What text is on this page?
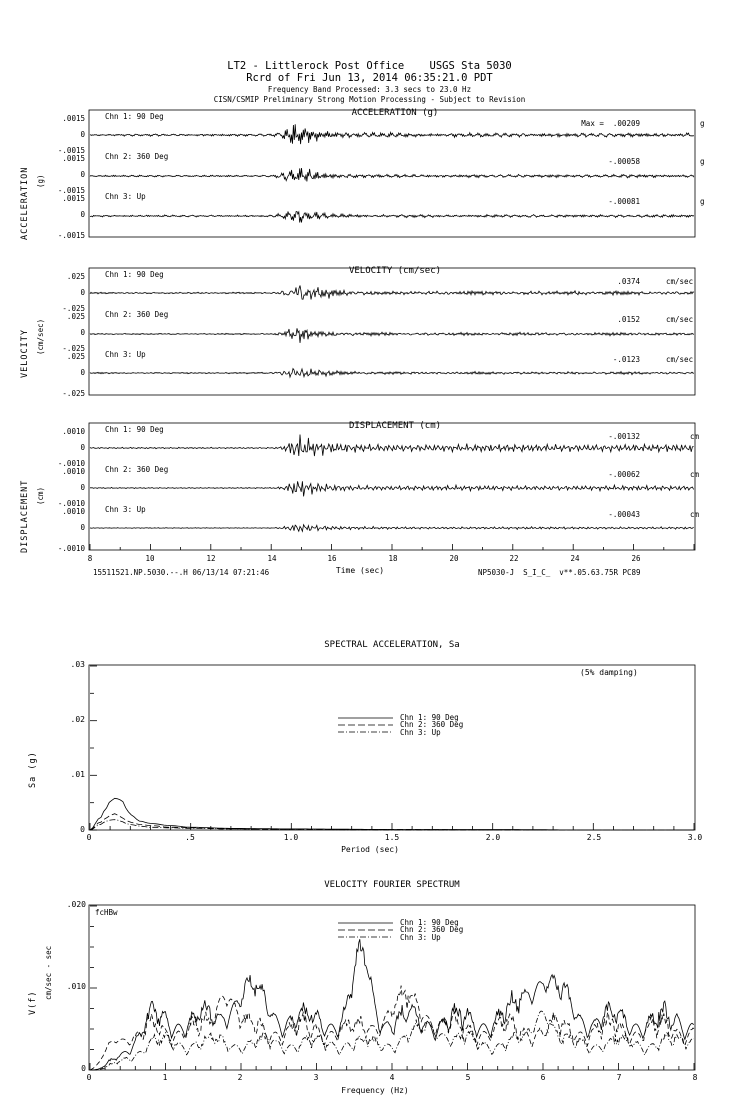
LT2 - Littlerock Post Office    USGS Sta 5030
Rcrd of Fri Jun 13, 2014 06:35:21.0 PDT
Frequency Band Processed: 3.3 secs to 23.0 Hz
CISN/CSMIP Preliminary Strong Motion Processing - Subject to Revision
ACCELERATION (g)
ACCELERATION (g)
.0015
0
-.0015
.0015
0
-.0015
.0015
0
-.0015
Chn 1: 90 Deg
Chn 2: 360 Deg
Chn 3: Up
Max =  .00209	g
-.00058	g
-.00081	g
VELOCITY (cm/sec)
VELOCITY (cm/sec)
.025
0
-.025
.025
0
-.025
.025
0
-.025
Chn 1: 90 Deg
Chn 2: 360 Deg
Chn 3: Up
.0374	cm/sec
.0152	cm/sec
-.0123	cm/sec
DISPLACEMENT (cm)
DISPLACEMENT (cm)
.0010
0
-.0010
.0010
0
-.0010
.0010
0
-.0010
Chn 1: 90 Deg
Chn 2: 360 Deg
Chn 3: Up
-.00132	cm
-.00062	cm
-.00043	cm
8	10	12	14	16	18	20	22	24	26
Time (sec)
15511521.NP.5030.--.H 06/13/14 07:21:46	NP5030-J  S_I_C_  v**.05.63.75R PC89
SPECTRAL ACCELERATION, Sa
(5% damping)
Sa (g)
.03
.02
.01
0
0	.5	1.0	1.5	2.0	2.5	3.0
Period (sec)
Chn 1: 90 Deg
Chn 2: 360 Deg
Chn 3: Up
VELOCITY FOURIER SPECTRUM
fcHBw
V(f)
cm/sec - sec
.020
.010
0
0	1	2	3	4	5	6	7	8
Frequency (Hz)
Chn 1: 90 Deg
Chn 2: 360 Deg
Chn 3: Up
